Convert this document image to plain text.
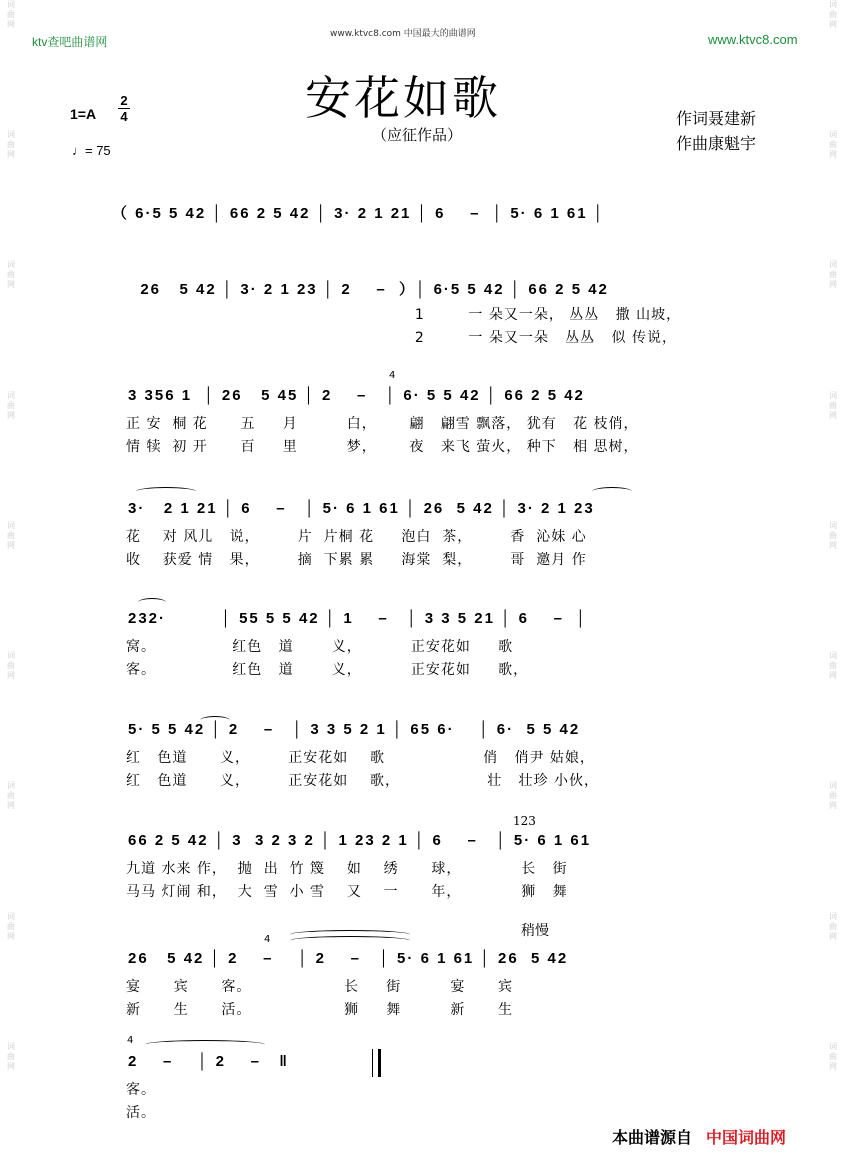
词
曲
网
词
曲
网
词
曲
网
词
曲
网
词
曲
网
词
曲
网
词
曲
网
词
曲
网
词
曲
网
词
曲
网
词
曲
网
词
曲
网
词
曲
网
词
曲
网
词
曲
网
词
曲
网
词
曲
网
词
曲
网
ktv查吧曲谱网
www.ktvc8.com 中国最大的曲谱网	www.ktvc8.com
安花如歌
（应征作品）
作词聂建新
作曲康魁宇
1=A
2
4
♩= 75
（ 6·5 5 42 │ 66 2 5 42 │ 3· 2 1 21 │ 6    –  │ 5· 6 1 61 │
26   5 42 │ 3· 2 1 23 │ 2    –  ）│ 6·5 5 42 │ 66 2 5 42
1        一 朵又一朵， 丛丛   撒 山坡，
2        一 朵又一朵   丛丛   似 传说，
3 356 1  │ 26   5 45 │ 2    –   │ 6· 5 5 42 │ 66 2 5 42
正 安  桐 花      五     月         白，      翩   翩雪 飘落， 犹有   花 枝俏，
情 犊  初 开      百     里         梦，      夜   来飞 萤火， 种下   相 思树，
3·   2 1 21 │ 6    –   │ 5· 6 1 61 │ 26  5 42 │ 3· 2 1 23
花    对 风儿   说，       片  片桐 花     泡白  茶，       香  沁妹 心
收    获爱 情   果，       摘  下累 累     海棠  梨，       哥  邀月 作
232·         │ 55 5 5 42 │ 1    –   │ 3 3 5 21 │ 6    –  │
窝。              红色   道       义，         正安花如     歌
客。              红色   道       义，         正安花如     歌，
5· 5 5 42 │ 2    –   │ 3 3 5 2 1 │ 65 6·    │ 6·  5 5 42
红   色道      义，       正安花如    歌                  俏   俏尹 姑娘，
红   色道      义，       正安花如    歌，                壮   壮珍 小伙，
66 2 5 42 │ 3  3 2 3 2 │ 1 23 2 1 │ 6    –   │ 5· 6 1 61
九道 水来 作，  抛  出  竹 篾    如    绣      球，           长   街
马马 灯闹 和，  大  雪  小 雪    又    一      年，           狮   舞
26   5 42 │ 2    –    │ 2    –   │ 5· 6 1 61 │ 26  5 42
宴      宾      客。                 长     街         宴      宾
新      生      活。                 狮     舞         新      生
2    –    │ 2    –   ‖
客。
活。
稍慢
123
4
4
4
本曲谱源自 中国词曲网
